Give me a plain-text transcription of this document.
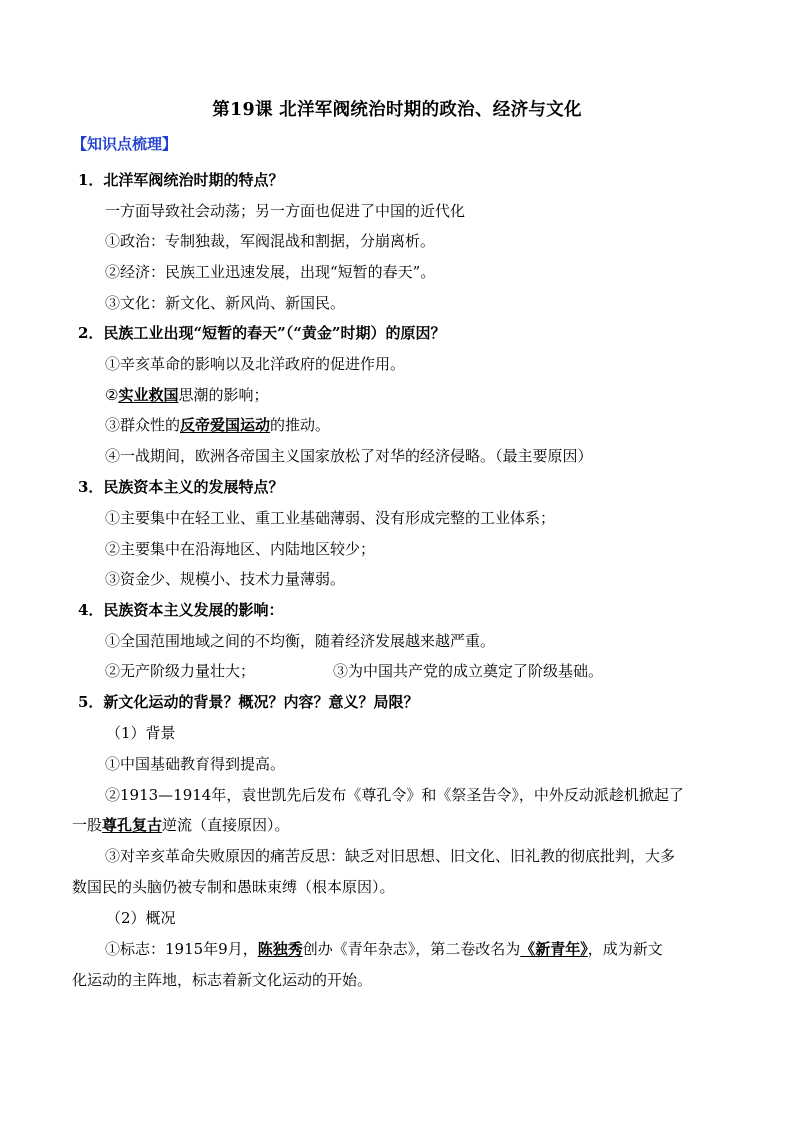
第19课 北洋军阀统治时期的政治、经济与文化
【知识点梳理】
1．北洋军阀统治时期的特点？
一方面导致社会动荡；另一方面也促进了中国的近代化
①政治：专制独裁，军阀混战和割据，分崩离析。
②经济：民族工业迅速发展，出现“短暂的春天”。
③文化：新文化、新风尚、新国民。
2．民族工业出现“短暂的春天”（“黄金”时期）的原因？
①辛亥革命的影响以及北洋政府的促进作用。
②实业救国思潮的影响；
③群众性的反帝爱国运动的推动。
④一战期间，欧洲各帝国主义国家放松了对华的经济侵略。（最主要原因）
3．民族资本主义的发展特点？
①主要集中在轻工业、重工业基础薄弱、没有形成完整的工业体系；
②主要集中在沿海地区、内陆地区较少；
③资金少、规模小、技术力量薄弱。
4．民族资本主义发展的影响：
①全国范围地域之间的不均衡，随着经济发展越来越严重。
②无产阶级力量壮大；	③为中国共产党的成立奠定了阶级基础。
5．新文化运动的背景？概况？内容？意义？局限？
（1）背景
①中国基础教育得到提高。
②1913—1914年，袁世凯先后发布《尊孔令》和《祭圣告令》，中外反动派趁机掀起了
一股尊孔复古逆流（直接原因）。
③对辛亥革命失败原因的痛苦反思：缺乏对旧思想、旧文化、旧礼教的彻底批判，大多
数国民的头脑仍被专制和愚昧束缚（根本原因）。
（2）概况
①标志：1915年9月，陈独秀创办《青年杂志》，第二卷改名为《新青年》，成为新文
化运动的主阵地，标志着新文化运动的开始。
